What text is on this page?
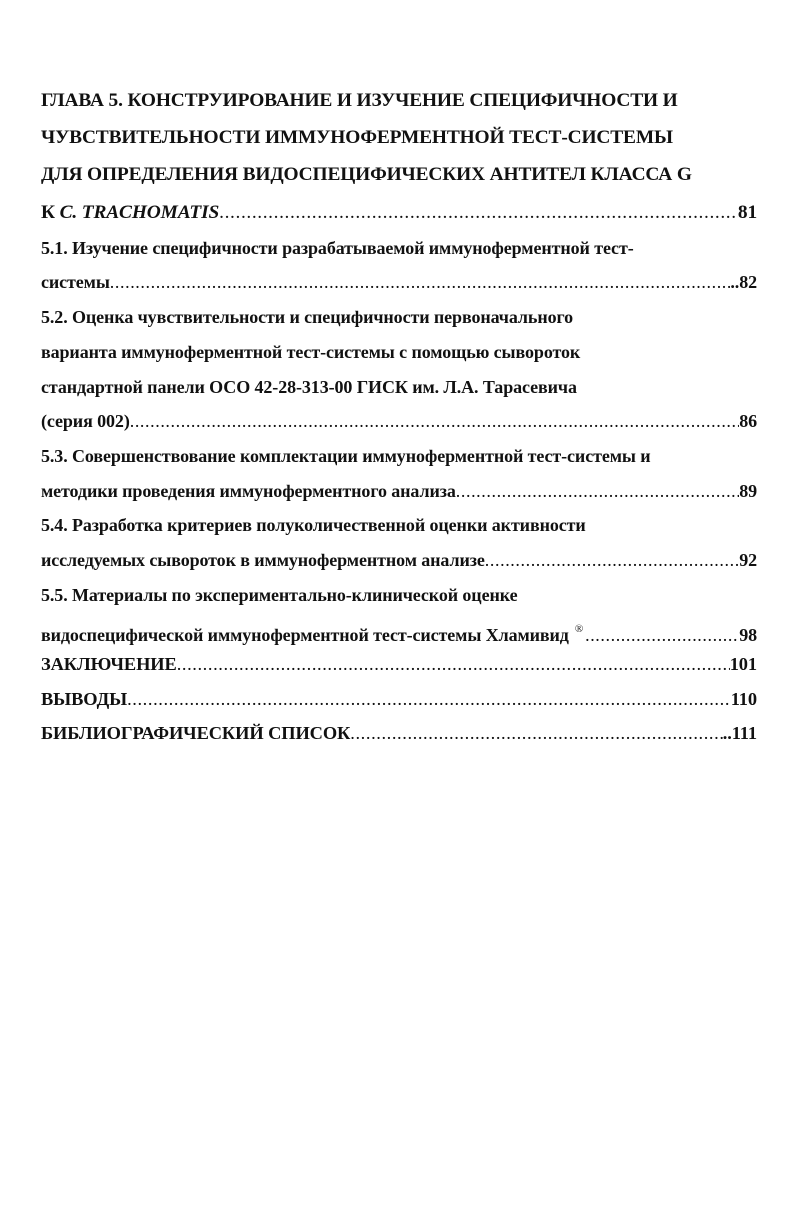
ГЛАВА 5. КОНСТРУИРОВАНИЕ И ИЗУЧЕНИЕ СПЕЦИФИЧНОСТИ И
ЧУВСТВИТЕЛЬНОСТИ ИММУНОФЕРМЕНТНОЙ ТЕСТ-СИСТЕМЫ
ДЛЯ ОПРЕДЕЛЕНИЯ ВИДОСПЕЦИФИЧЕСКИХ АНТИТЕЛ КЛАССА G
К C. TRACHOMATIS .....	81
5.1. Изучение специфичности разрабатываемой иммуноферментной тест-
системы .....	..82
5.2. Оценка чувствительности и специфичности первоначального
варианта иммуноферментной тест-системы с помощью сывороток
стандартной панели ОСО 42-28-313-00 ГИСК им. Л.А. Тарасевича
(серия 002) .....	86
5.3. Совершенствование комплектации иммуноферментной тест-системы и
методики проведения иммуноферментного анализа .....	89
5.4. Разработка критериев полуколичественной оценки активности
исследуемых сывороток в иммуноферментном анализе .....	92
5.5. Материалы по экспериментально-клинической оценке
видоспецифической иммуноферментной тест-системы Хламивид ® .....	98
ЗАКЛЮЧЕНИЕ .....	101
ВЫВОДЫ .....	110
БИБЛИОГРАФИЧЕСКИЙ СПИСОК .....	..111
